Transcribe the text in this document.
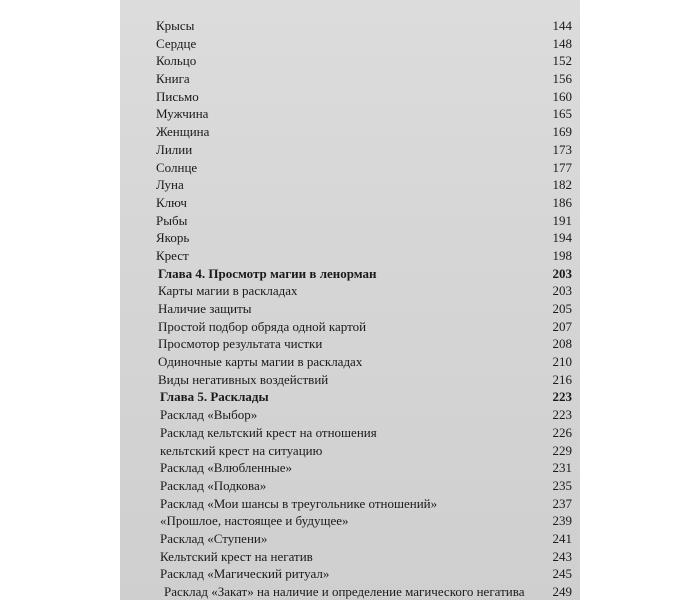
Крысы	144
Сердце	148
Кольцо	152
Книга	156
Письмо	160
Мужчина	165
Женщина	169
Лилии	173
Солнце	177
Луна	182
Ключ	186
Рыбы	191
Якорь	194
Крест	198
Глава 4. Просмотр магии в ленорман	203
Карты магии в раскладах	203
Наличие защиты	205
Простой подбор обряда одной картой	207
Просмотор результата чистки	208
Одиночные карты магии в раскладах	210
Виды негативных воздействий	216
Глава 5. Расклады	223
Расклад «Выбор»	223
Расклад кельтский крест на отношения	226
кельтский крест на ситуацию	229
Расклад «Влюбленные»	231
Расклад «Подкова»	235
Расклад «Мои шансы в треугольнике отношений»	237
«Прошлое, настоящее и будущее»	239
Расклад «Ступени»	241
Кельтский крест на негатив	243
Расклад «Магический ритуал»	245
Расклад «Закат» на наличие и определение магического негатива 249
